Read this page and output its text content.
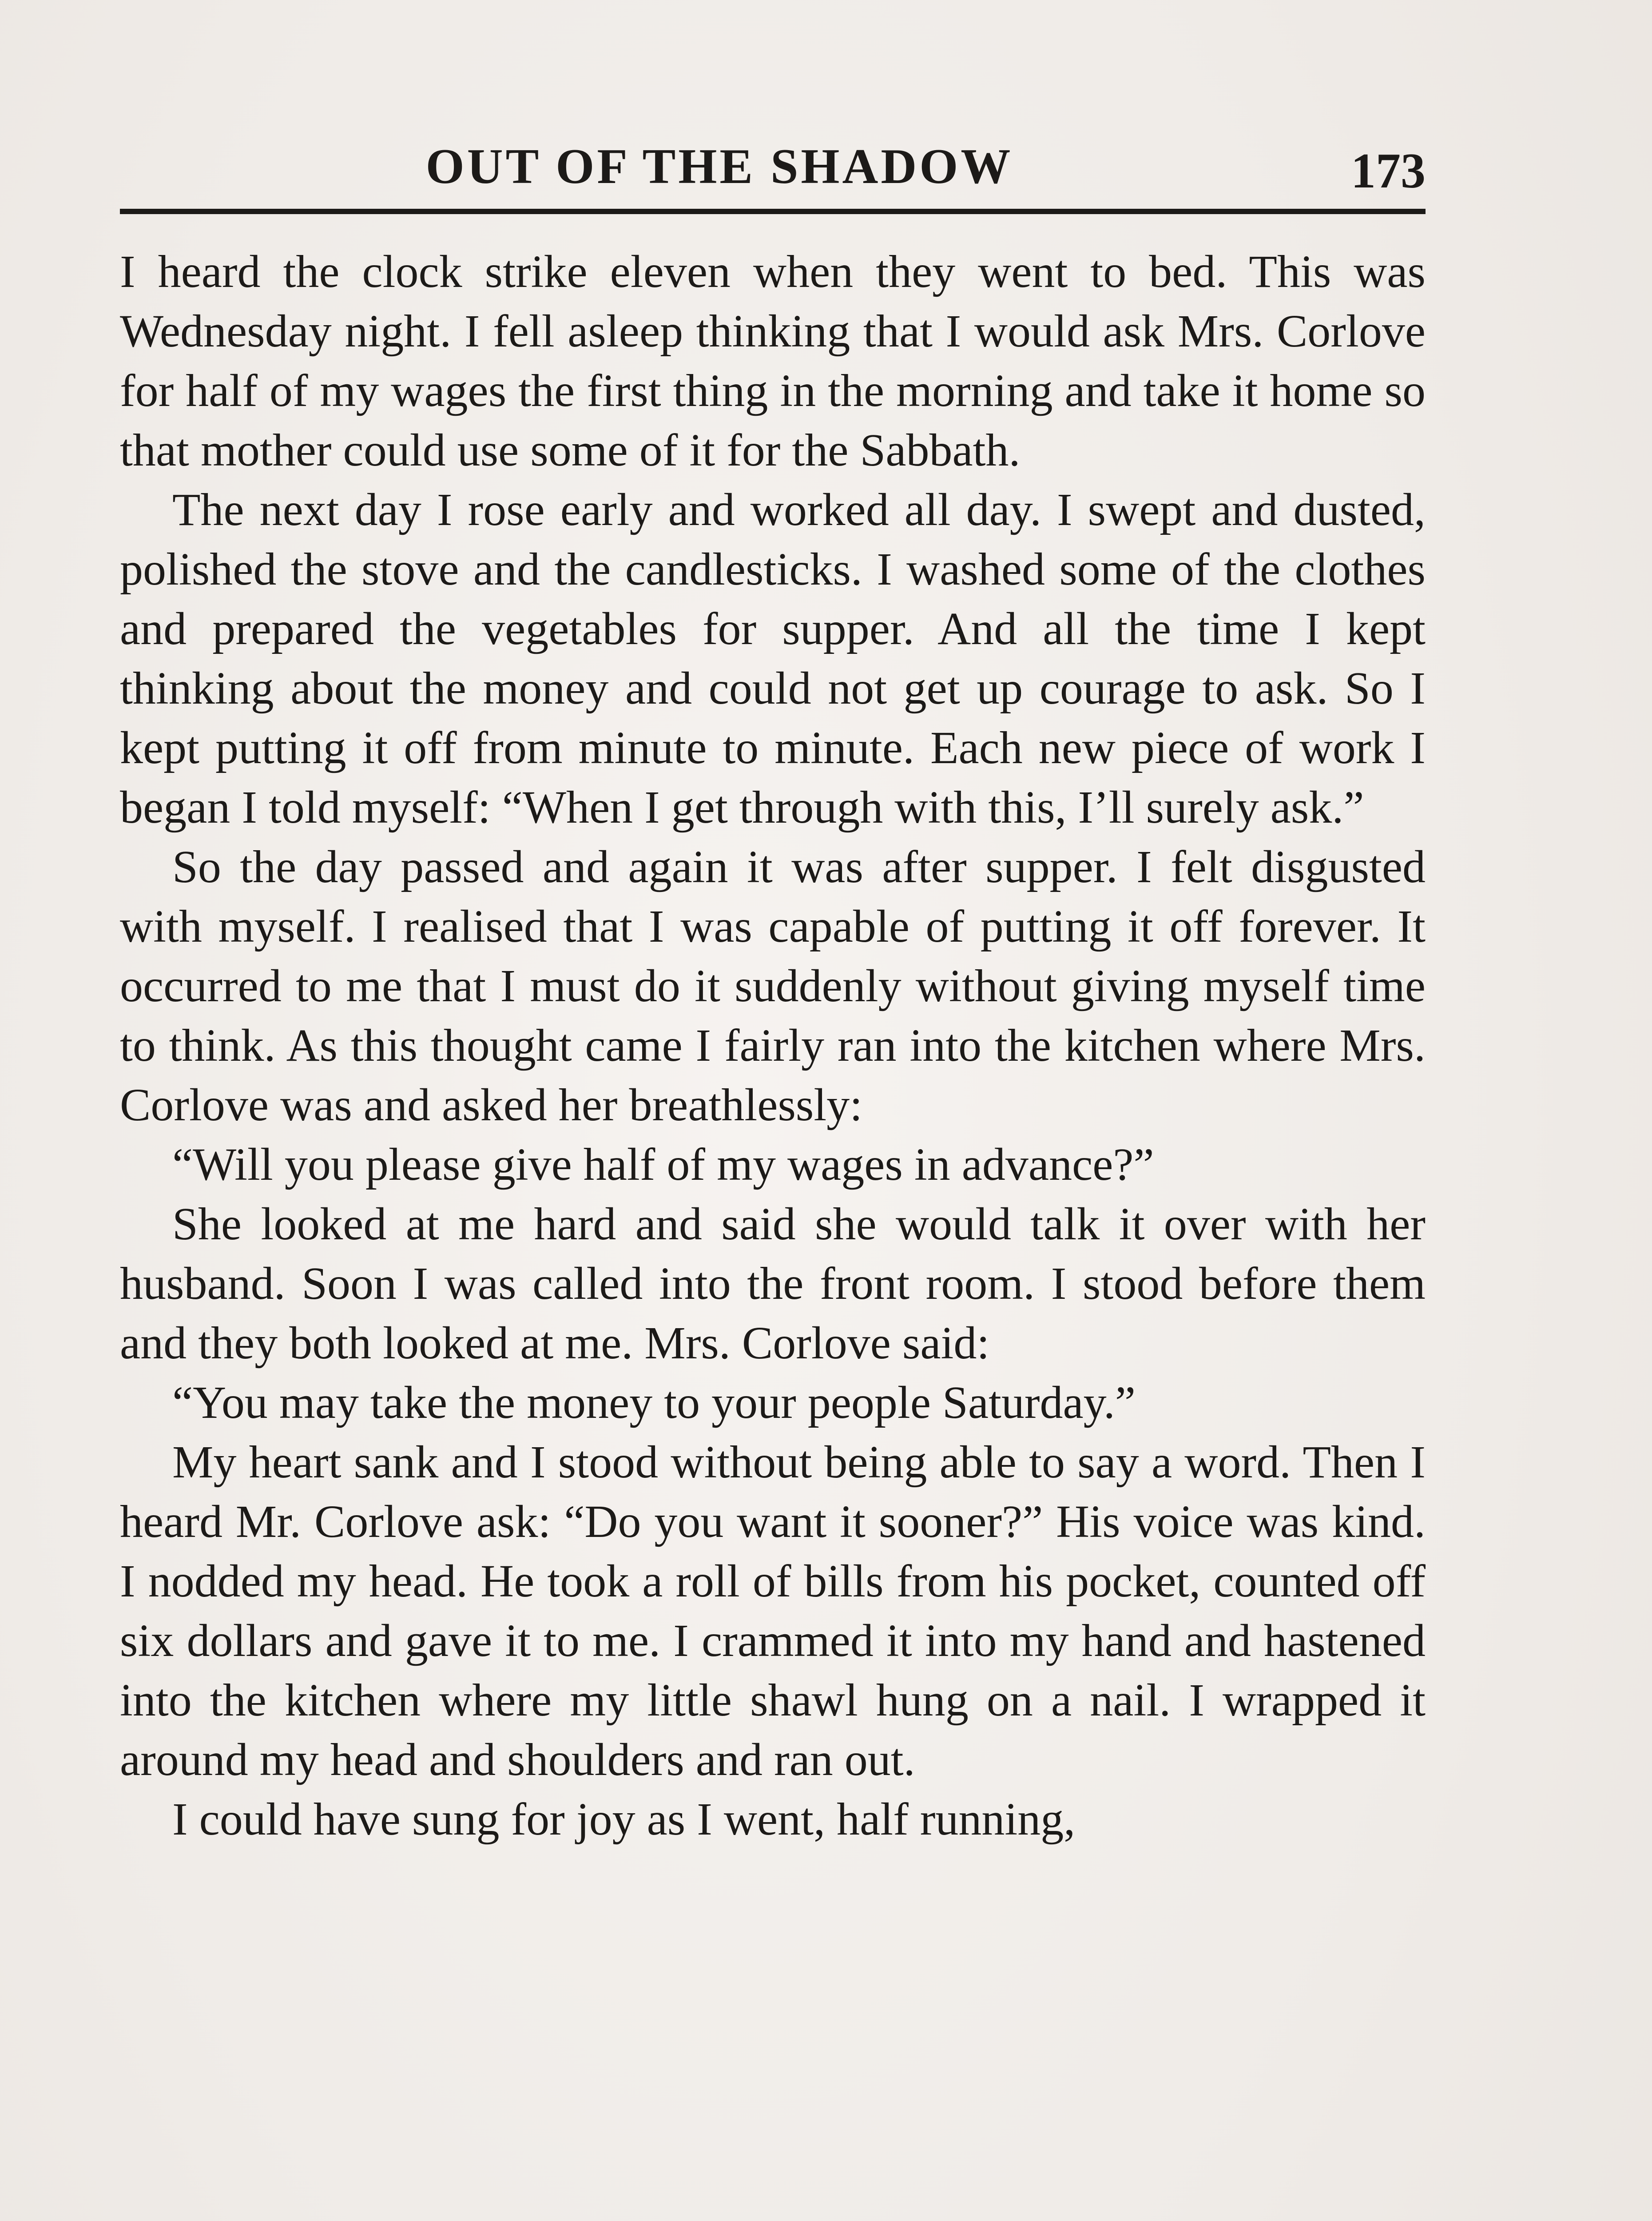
OUT OF THE SHADOW	173

I heard the clock strike eleven when they went to bed. This was Wednesday night. I fell asleep thinking that I would ask Mrs. Corlove for half of my wages the first thing in the morning and take it home so that mother could use some of it for the Sabbath.

The next day I rose early and worked all day. I swept and dusted, polished the stove and the candlesticks. I washed some of the clothes and prepared the vegetables for supper. And all the time I kept thinking about the money and could not get up courage to ask. So I kept putting it off from minute to minute. Each new piece of work I began I told myself: “When I get through with this, I’ll surely ask.”

So the day passed and again it was after supper. I felt disgusted with myself. I realised that I was capable of putting it off forever. It occurred to me that I must do it suddenly without giving myself time to think. As this thought came I fairly ran into the kitchen where Mrs. Corlove was and asked her breathlessly:

“Will you please give half of my wages in advance?”

She looked at me hard and said she would talk it over with her husband. Soon I was called into the front room. I stood before them and they both looked at me. Mrs. Corlove said:

“You may take the money to your people Saturday.”

My heart sank and I stood without being able to say a word. Then I heard Mr. Corlove ask: “Do you want it sooner?” His voice was kind. I nodded my head. He took a roll of bills from his pocket, counted off six dollars and gave it to me. I crammed it into my hand and hastened into the kitchen where my little shawl hung on a nail. I wrapped it around my head and shoulders and ran out.

I could have sung for joy as I went, half running,
